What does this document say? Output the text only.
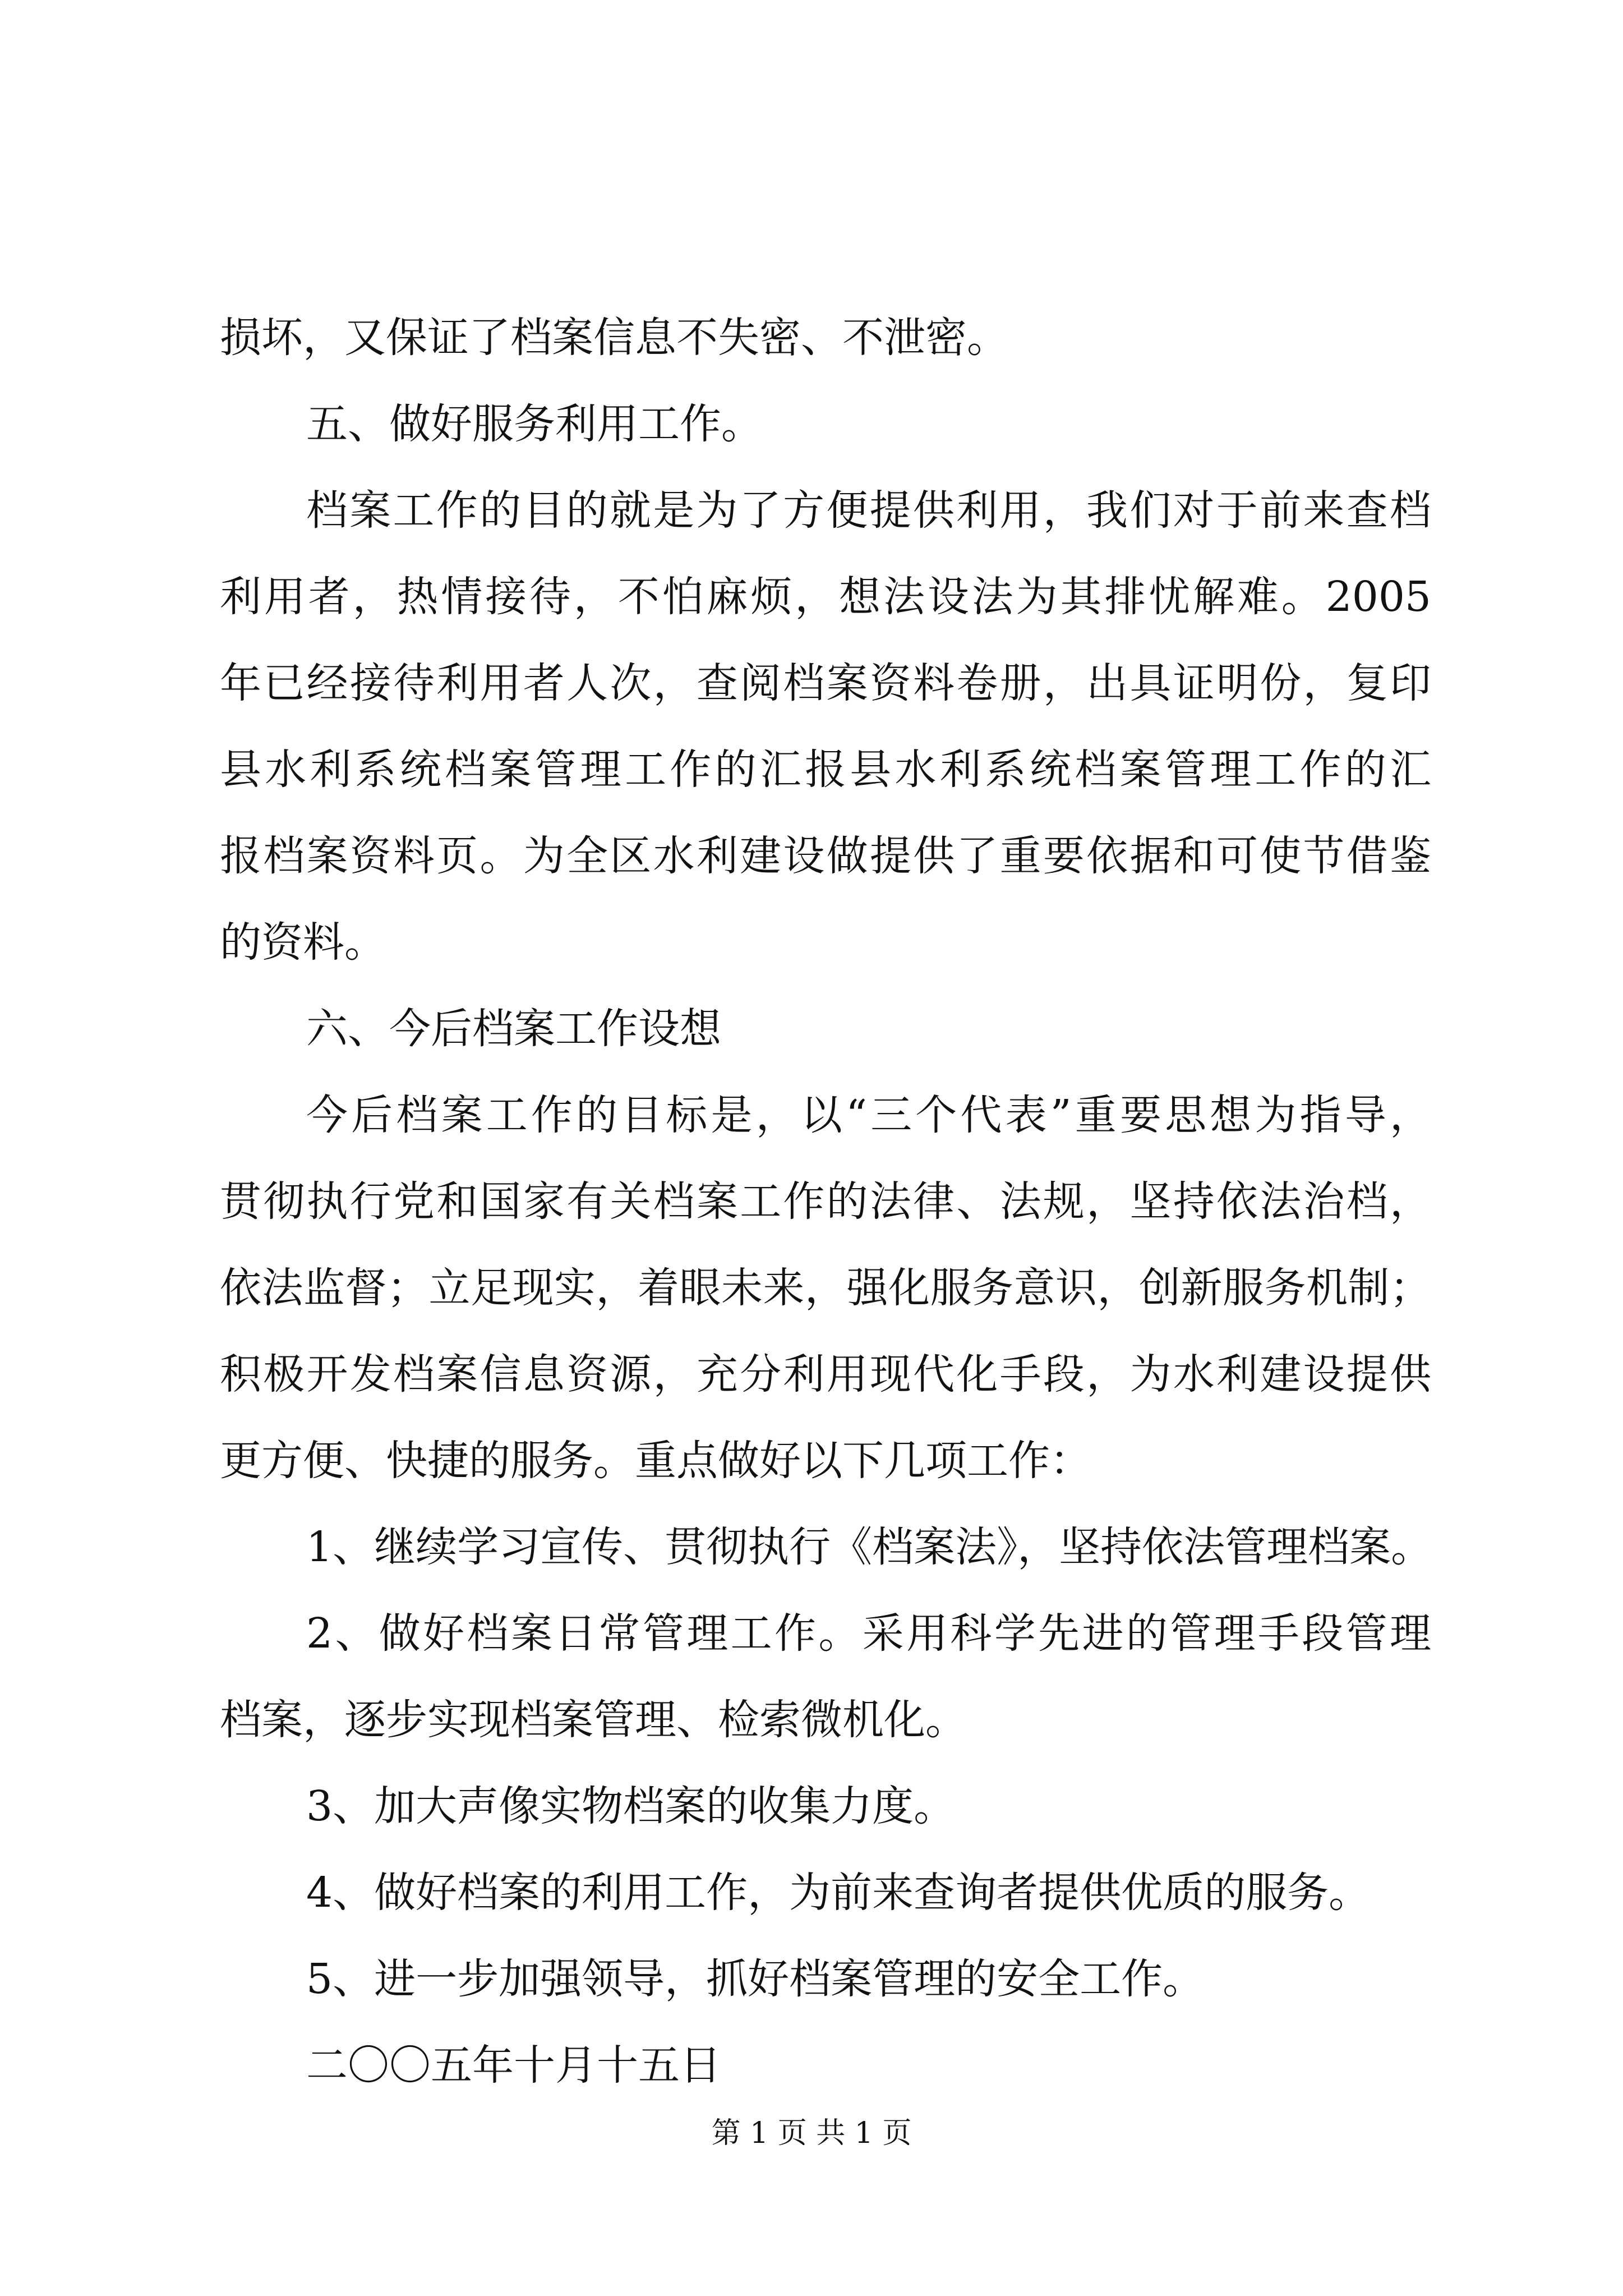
损坏，又保证了档案信息不失密、不泄密。
五、做好服务利用工作。
档案工作的目的就是为了方便提供利用，我们对于前来查档
利用者，热情接待，不怕麻烦，想法设法为其排忧解难。2005
年已经接待利用者人次，查阅档案资料卷册，出具证明份，复印
县水利系统档案管理工作的汇报县水利系统档案管理工作的汇
报档案资料页。为全区水利建设做提供了重要依据和可使节借鉴
的资料。
六、今后档案工作设想
今后档案工作的目标是，以“三个代表”重要思想为指导，
贯彻执行党和国家有关档案工作的法律、法规，坚持依法治档，
依法监督；立足现实，着眼未来，强化服务意识，创新服务机制；
积极开发档案信息资源，充分利用现代化手段，为水利建设提供
更方便、快捷的服务。重点做好以下几项工作：
1、继续学习宣传、贯彻执行《档案法》，坚持依法管理档案。
2、做好档案日常管理工作。采用科学先进的管理手段管理
档案，逐步实现档案管理、检索微机化。
3、加大声像实物档案的收集力度。
4、做好档案的利用工作，为前来查询者提供优质的服务。
5、进一步加强领导，抓好档案管理的安全工作。
二〇〇五年十月十五日
第 1 页 共 1 页
